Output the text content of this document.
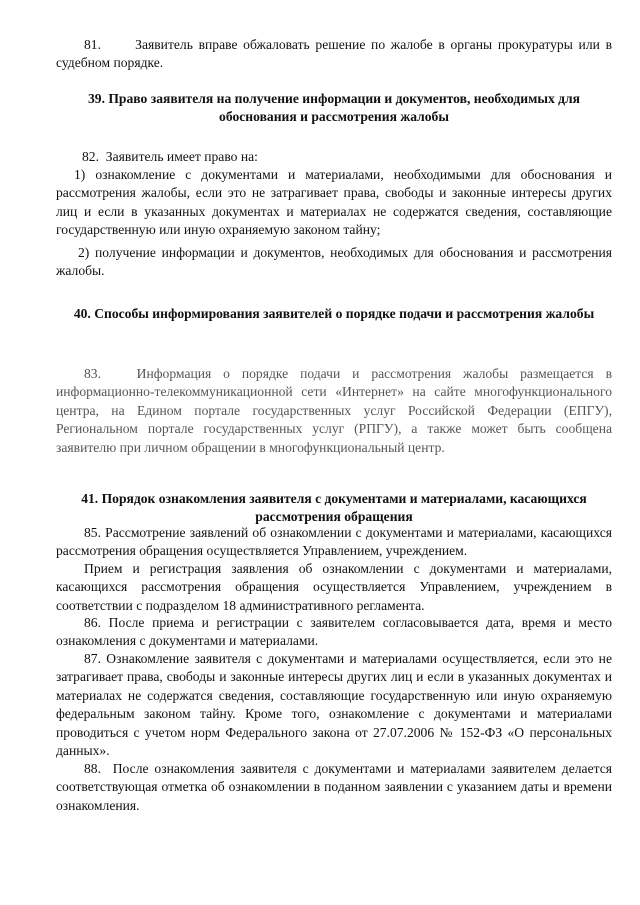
81.      Заявитель вправе обжаловать решение по жалобе в органы прокуратуры или в судебном порядке.

39. Право заявителя на получение информации и документов, необходимых для обоснования и рассмотрения жалобы

82.  Заявитель имеет право на:

1) ознакомление с документами и материалами, необходимыми для обоснования и рассмотрения жалобы, если это не затрагивает права, свободы и законные интересы других лиц и если в указанных документах и материалах не содержатся сведения, составляющие государственную или иную охраняемую законом тайну;

2) получение информации и документов, необходимых для обоснования и рассмотрения жалобы.

40. Способы информирования заявителей о порядке подачи и рассмотрения жалобы

83.   Информация о порядке подачи и рассмотрения жалобы размещается в информационно-телекоммуникационной сети «Интернет» на сайте многофункционального центра, на Едином портале государственных услуг Российской Федерации (ЕПГУ), Региональном портале государственных услуг (РПГУ), а также может быть сообщена заявителю при личном обращении в многофункциональный центр.

41. Порядок ознакомления заявителя с документами и материалами, касающихся рассмотрения обращения

85. Рассмотрение заявлений об ознакомлении с документами и материалами, касающихся рассмотрения обращения осуществляется Управлением, учреждением.

Прием и регистрация заявления об ознакомлении с документами и материалами, касающихся рассмотрения обращения осуществляется Управлением, учреждением в соответствии с подразделом 18 административного регламента.

86. После приема и регистрации с заявителем согласовывается дата, время и место ознакомления с документами и материалами.

87. Ознакомление заявителя с документами и материалами осуществляется, если это не затрагивает права, свободы и законные интересы других лиц и если в указанных документах и материалах не содержатся сведения, составляющие государственную или иную охраняемую федеральным законом тайну. Кроме того, ознакомление с документами и материалами проводиться с учетом норм Федерального закона от 27.07.2006 № 152-ФЗ «О персональных данных».

88.  После ознакомления заявителя с документами и материалами заявителем делается соответствующая отметка об ознакомлении в поданном заявлении с указанием даты и времени ознакомления.
